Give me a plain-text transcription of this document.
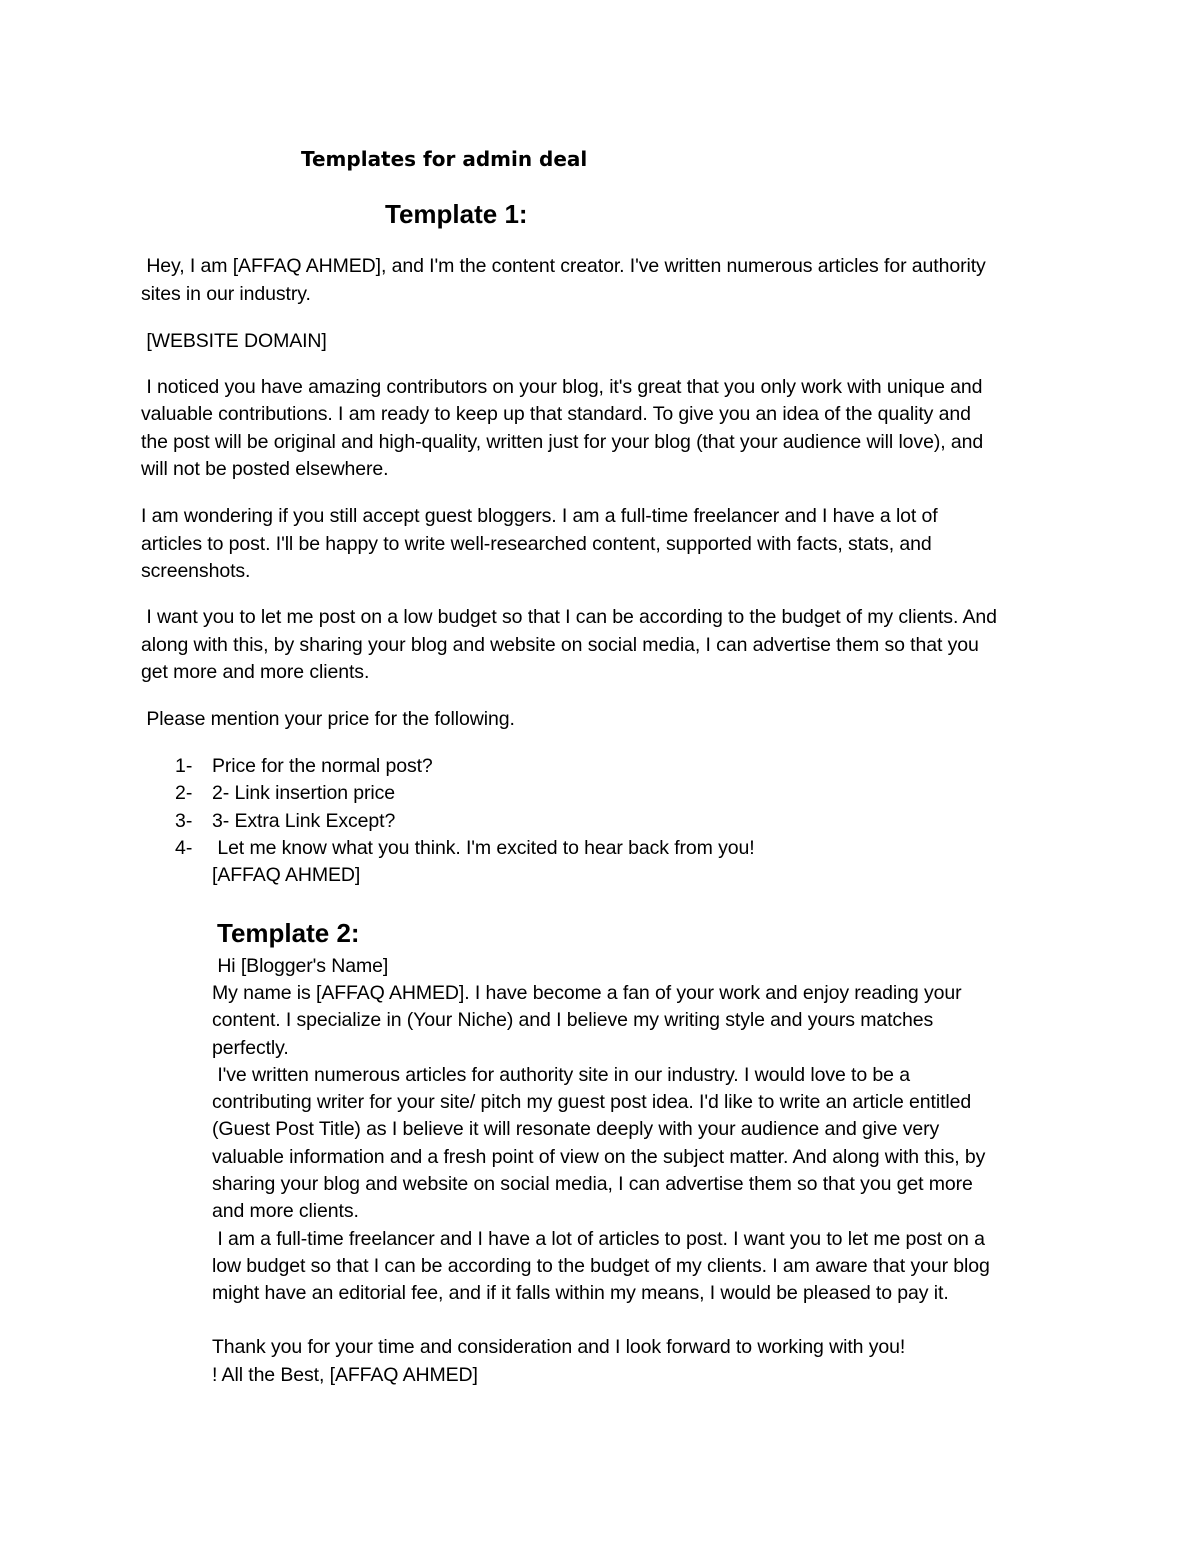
Templates for admin deal
Template 1:
Hey, I am [AFFAQ AHMED], and I'm the content creator. I've written numerous articles for authority
sites in our industry.
[WEBSITE DOMAIN]
I noticed you have amazing contributors on your blog, it's great that you only work with unique and
valuable contributions. I am ready to keep up that standard. To give you an idea of the quality and
the post will be original and high-quality, written just for your blog (that your audience will love), and
will not be posted elsewhere.
I am wondering if you still accept guest bloggers. I am a full-time freelancer and I have a lot of
articles to post. I'll be happy to write well-researched content, supported with facts, stats, and
screenshots.
I want you to let me post on a low budget so that I can be according to the budget of my clients. And
along with this, by sharing your blog and website on social media, I can advertise them so that you
get more and more clients.
Please mention your price for the following.
1- Price for the normal post?
2- 2- Link insertion price
3- 3- Extra Link Except?
4- Let me know what you think. I'm excited to hear back from you!
[AFFAQ AHMED]
Template 2:
Hi [Blogger's Name]
My name is [AFFAQ AHMED]. I have become a fan of your work and enjoy reading your
content. I specialize in (Your Niche) and I believe my writing style and yours matches
perfectly.
I've written numerous articles for authority site in our industry. I would love to be a
contributing writer for your site/ pitch my guest post idea. I'd like to write an article entitled
(Guest Post Title) as I believe it will resonate deeply with your audience and give very
valuable information and a fresh point of view on the subject matter. And along with this, by
sharing your blog and website on social media, I can advertise them so that you get more
and more clients.
I am a full-time freelancer and I have a lot of articles to post. I want you to let me post on a
low budget so that I can be according to the budget of my clients. I am aware that your blog
might have an editorial fee, and if it falls within my means, I would be pleased to pay it.
Thank you for your time and consideration and I look forward to working with you!
! All the Best, [AFFAQ AHMED]
